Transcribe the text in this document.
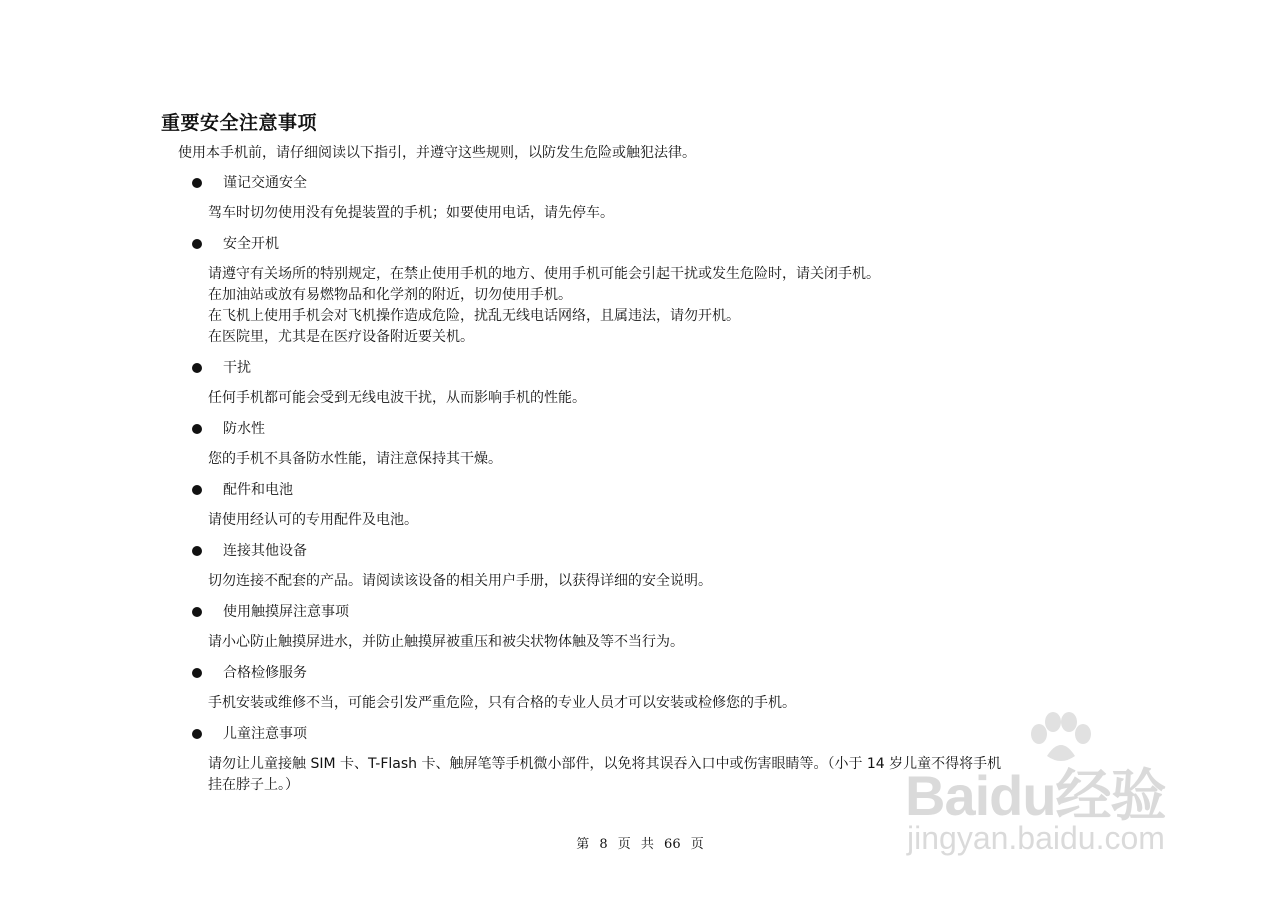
重要安全注意事项
使用本手机前，请仔细阅读以下指引，并遵守这些规则，以防发生危险或触犯法律。
谨记交通安全
驾车时切勿使用没有免提装置的手机；如要使用电话，请先停车。
安全开机
请遵守有关场所的特别规定，在禁止使用手机的地方、使用手机可能会引起干扰或发生危险时，请关闭手机。
在加油站或放有易燃物品和化学剂的附近，切勿使用手机。
在飞机上使用手机会对飞机操作造成危险，扰乱无线电话网络，且属违法，请勿开机。
在医院里，尤其是在医疗设备附近要关机。
干扰
任何手机都可能会受到无线电波干扰，从而影响手机的性能。
防水性
您的手机不具备防水性能，请注意保持其干燥。
配件和电池
请使用经认可的专用配件及电池。
连接其他设备
切勿连接不配套的产品。请阅读该设备的相关用户手册，以获得详细的安全说明。
使用触摸屏注意事项
请小心防止触摸屏进水，并防止触摸屏被重压和被尖状物体触及等不当行为。
合格检修服务
手机安装或维修不当，可能会引发严重危险，只有合格的专业人员才可以安装或检修您的手机。
儿童注意事项
请勿让儿童接触 SIM 卡、T-Flash 卡、触屏笔等手机微小部件，以免将其误吞入口中或伤害眼睛等。（小于 14 岁儿童不得将手机
挂在脖子上。）
第 8 页 共 66 页
Baidu经验
jingyan.baidu.com
